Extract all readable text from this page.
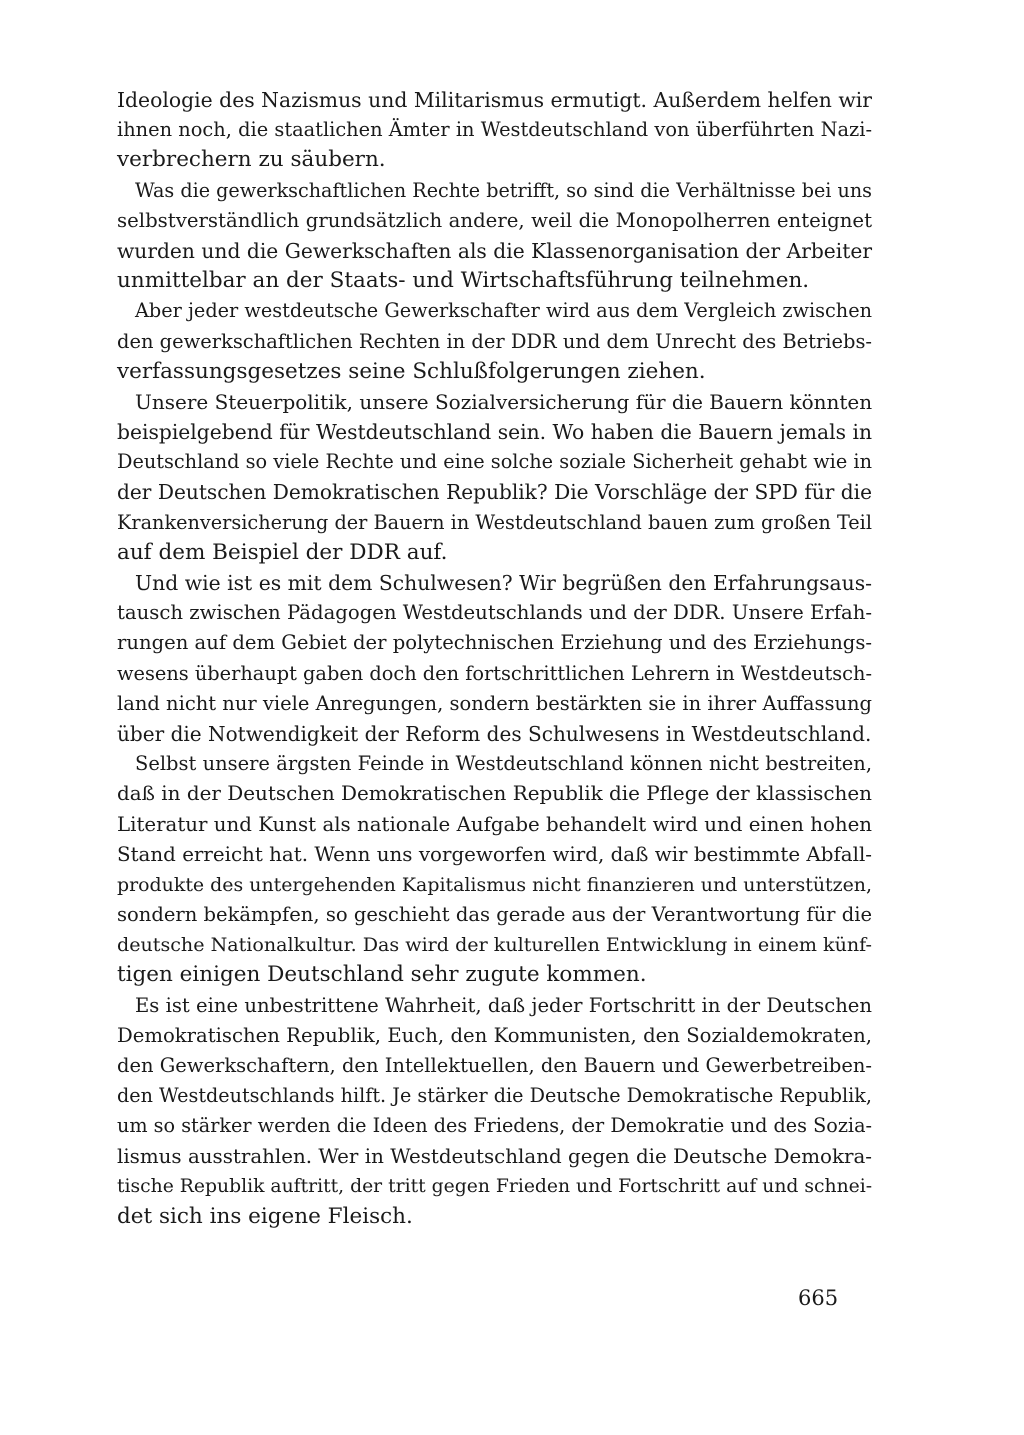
Ideologie des Nazismus und Militarismus ermutigt. Außerdem helfen wir
ihnen noch, die staatlichen Ämter in Westdeutschland von überführten Nazi-
verbrechern zu säubern.
Was die gewerkschaftlichen Rechte betrifft, so sind die Verhältnisse bei uns
selbstverständlich grundsätzlich andere, weil die Monopolherren enteignet
wurden und die Gewerkschaften als die Klassenorganisation der Arbeiter
unmittelbar an der Staats- und Wirtschaftsführung teilnehmen.
Aber jeder westdeutsche Gewerkschafter wird aus dem Vergleich zwischen
den gewerkschaftlichen Rechten in der DDR und dem Unrecht des Betriebs-
verfassungsgesetzes seine Schlußfolgerungen ziehen.
Unsere Steuerpolitik, unsere Sozialversicherung für die Bauern könnten
beispielgebend für Westdeutschland sein. Wo haben die Bauern jemals in
Deutschland so viele Rechte und eine solche soziale Sicherheit gehabt wie in
der Deutschen Demokratischen Republik? Die Vorschläge der SPD für die
Krankenversicherung der Bauern in Westdeutschland bauen zum großen Teil
auf dem Beispiel der DDR auf.
Und wie ist es mit dem Schulwesen? Wir begrüßen den Erfahrungsaus-
tausch zwischen Pädagogen Westdeutschlands und der DDR. Unsere Erfah-
rungen auf dem Gebiet der polytechnischen Erziehung und des Erziehungs-
wesens überhaupt gaben doch den fortschrittlichen Lehrern in Westdeutsch-
land nicht nur viele Anregungen, sondern bestärkten sie in ihrer Auffassung
über die Notwendigkeit der Reform des Schulwesens in Westdeutschland.
Selbst unsere ärgsten Feinde in Westdeutschland können nicht bestreiten,
daß in der Deutschen Demokratischen Republik die Pflege der klassischen
Literatur und Kunst als nationale Aufgabe behandelt wird und einen hohen
Stand erreicht hat. Wenn uns vorgeworfen wird, daß wir bestimmte Abfall-
produkte des untergehenden Kapitalismus nicht finanzieren und unterstützen,
sondern bekämpfen, so geschieht das gerade aus der Verantwortung für die
deutsche Nationalkultur. Das wird der kulturellen Entwicklung in einem künf-
tigen einigen Deutschland sehr zugute kommen.
Es ist eine unbestrittene Wahrheit, daß jeder Fortschritt in der Deutschen
Demokratischen Republik, Euch, den Kommunisten, den Sozialdemokraten,
den Gewerkschaftern, den Intellektuellen, den Bauern und Gewerbetreiben-
den Westdeutschlands hilft. Je stärker die Deutsche Demokratische Republik,
um so stärker werden die Ideen des Friedens, der Demokratie und des Sozia-
lismus ausstrahlen. Wer in Westdeutschland gegen die Deutsche Demokra-
tische Republik auftritt, der tritt gegen Frieden und Fortschritt auf und schnei-
det sich ins eigene Fleisch.
665
